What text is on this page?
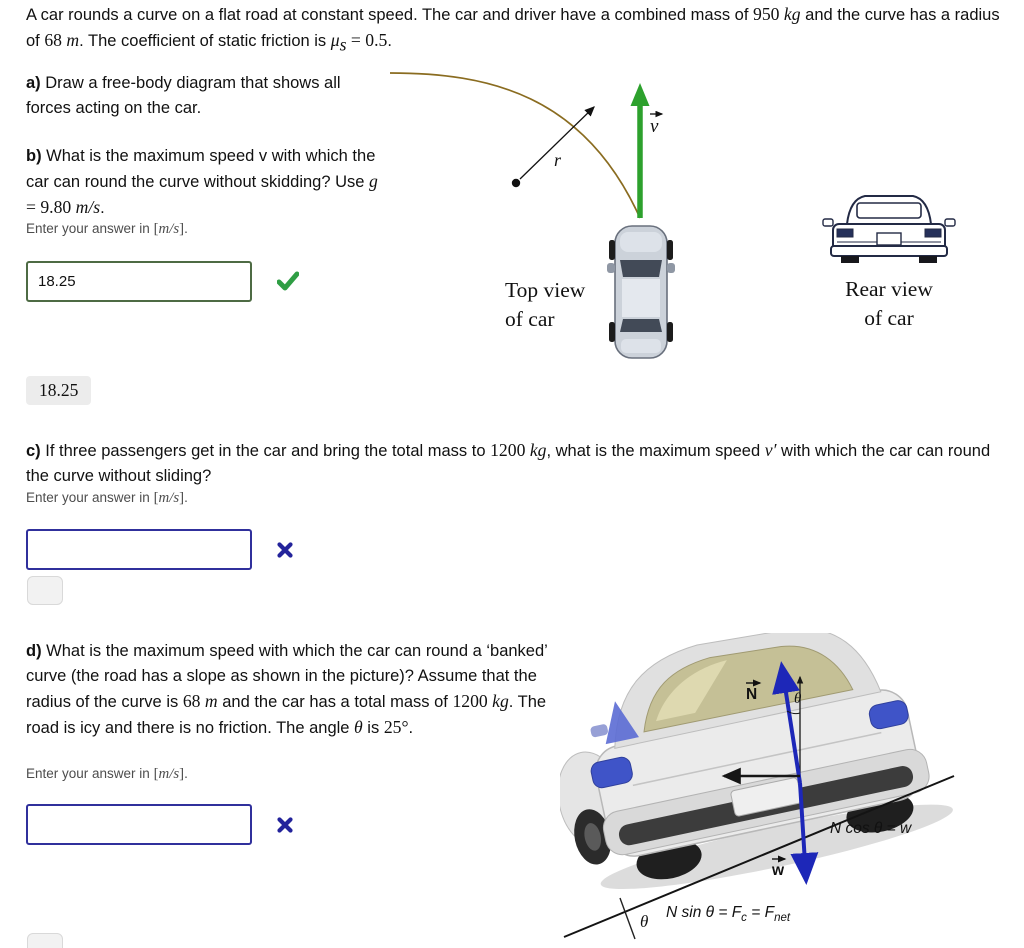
A car rounds a curve on a flat road at constant speed. The car and driver have a combined mass of 950 kg and the curve has a radius of 68 m. The coefficient of static friction is $\mu_s = 0.5$.
a) Draw a free-body diagram that shows all forces acting on the car.
b) What is the maximum speed v with which the car can round the curve without skidding? Use g = 9.80 m/s.
Enter your answer in [m/s].
18.25
18.25
c) If three passengers get in the car and bring the total mass to 1200 kg, what is the maximum speed v′ with which the car can round the curve without sliding?
Enter your answer in [m/s].
d) What is the maximum speed with which the car can round a ‘banked’ curve (the road has a slope as shown in the picture)? Assume that the radius of the curve is 68 m and the car has a total mass of 1200 kg. The road is icy and there is no friction. The angle θ is 25°.
Enter your answer in [m/s].
r
v
Top view
of car
Rear view
of car
θ
θ
N
w
N cos θ = w
N $\sin \theta = F_c = F_{net}$
